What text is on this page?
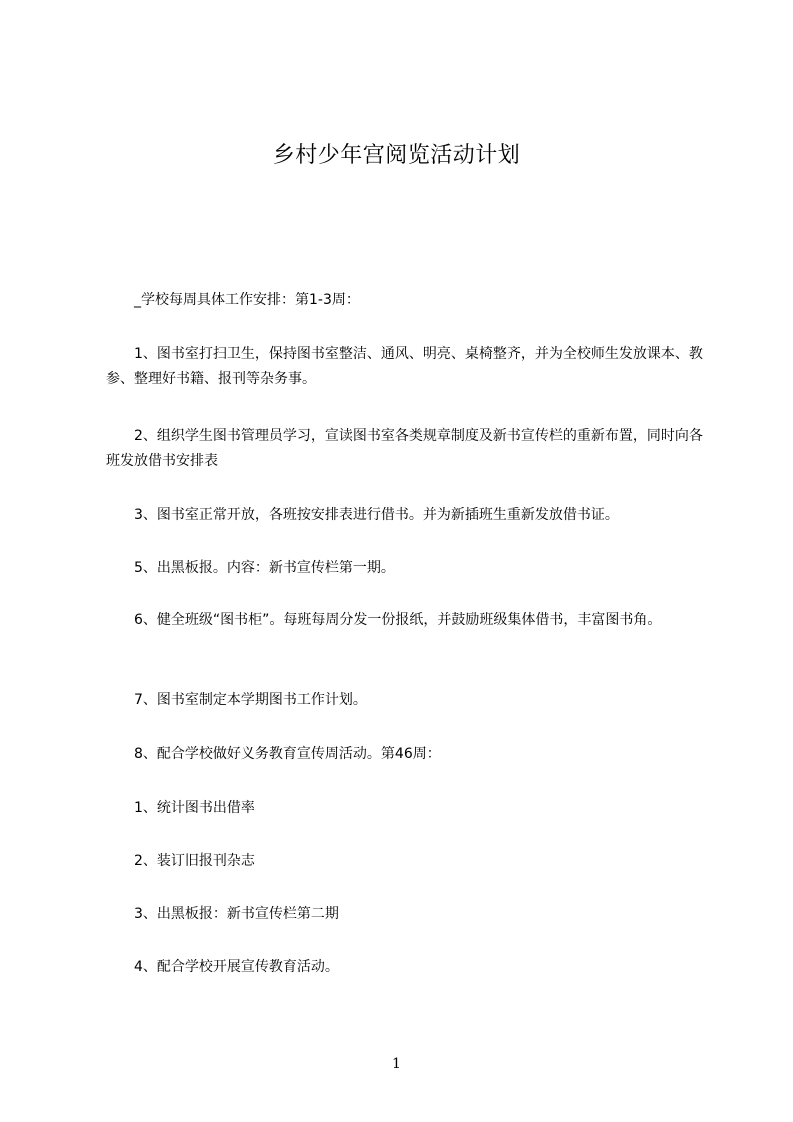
乡村少年宫阅览活动计划

_学校每周具体工作安排：第1-3周：

1、图书室打扫卫生，保持图书室整洁、通风、明亮、桌椅整齐，并为全校师生发放课本、教参、整理好书籍、报刊等杂务事。

2、组织学生图书管理员学习，宣读图书室各类规章制度及新书宣传栏的重新布置，同时向各班发放借书安排表

3、图书室正常开放，各班按安排表进行借书。并为新插班生重新发放借书证。

5、出黑板报。内容：新书宣传栏第一期。

6、健全班级“图书柜”。每班每周分发一份报纸，并鼓励班级集体借书，丰富图书角。

7、图书室制定本学期图书工作计划。

8、配合学校做好义务教育宣传周活动。第46周：

1、统计图书出借率

2、装订旧报刊杂志

3、出黑板报：新书宣传栏第二期

4、配合学校开展宣传教育活动。

1
